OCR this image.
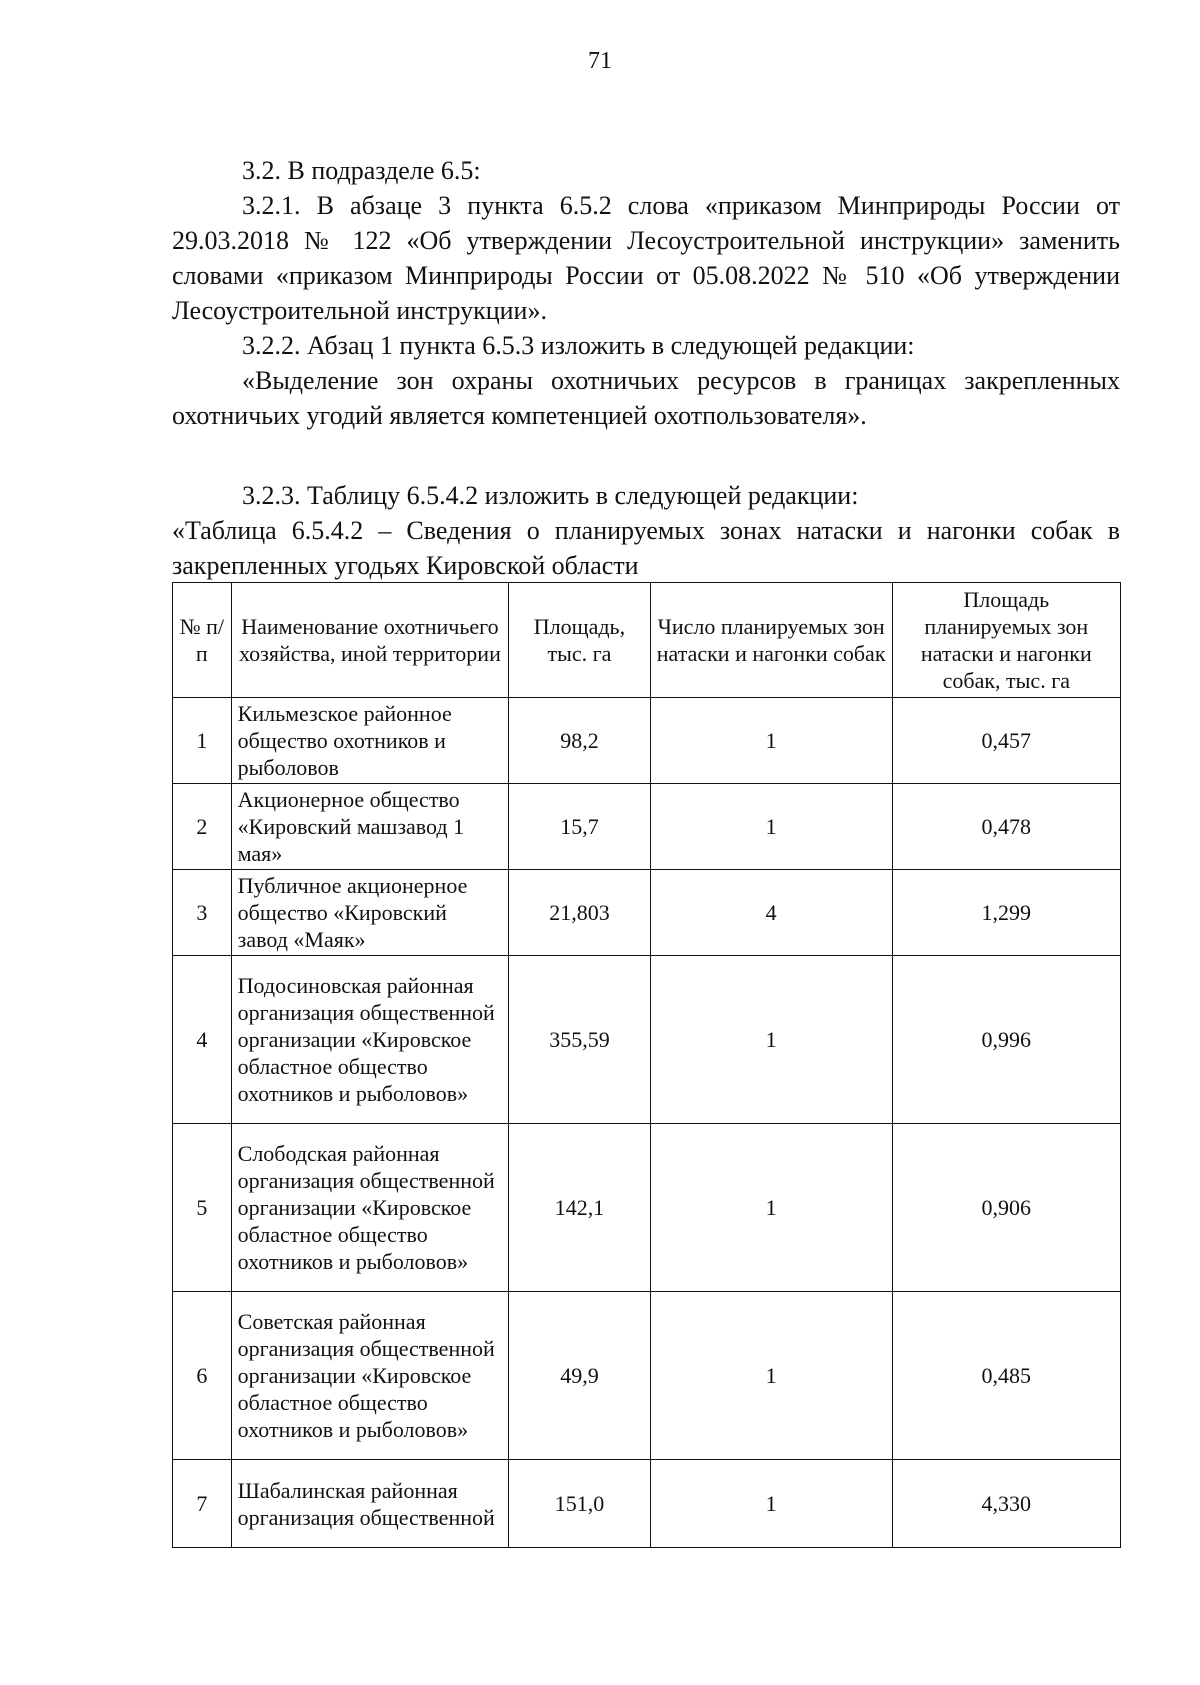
71

3.2. В подразделе 6.5:

3.2.1. В абзаце 3 пункта 6.5.2 слова «приказом Минприроды России от 29.03.2018 № 122 «Об утверждении Лесоустроительной инструкции» заменить словами «приказом Минприроды России от 05.08.2022 № 510 «Об утверждении Лесоустроительной инструкции».

3.2.2. Абзац 1 пункта 6.5.3 изложить в следующей редакции:

«Выделение зон охраны охотничьих ресурсов в границах закрепленных охотничьих угодий является компетенцией охотпользователя».

3.2.3. Таблицу 6.5.4.2 изложить в следующей редакции:

«Таблица 6.5.4.2 – Сведения о планируемых зонах натаски и нагонки собак в закрепленных угодьях Кировской области

№ п/п	Наименование охотничьего хозяйства, иной территории	Площадь, тыс. га	Число планируемых зон натаски и нагонки собак	Площадь планируемых зон натаски и нагонки собак, тыс. га
1	Кильмезское районное общество охотников и рыболовов	98,2	1	0,457
2	Акционерное общество «Кировский машзавод 1 мая»	15,7	1	0,478
3	Публичное акционерное общество «Кировский завод «Маяк»	21,803	4	1,299
4	Подосиновская районная организация общественной организации «Кировское областное общество охотников и рыболовов»	355,59	1	0,996
5	Слободская районная организация общественной организации «Кировское областное общество охотников и рыболовов»	142,1	1	0,906
6	Советская районная организация общественной организации «Кировское областное общество охотников и рыболовов»	49,9	1	0,485
7	Шабалинская районная организация общественной	151,0	1	4,330
